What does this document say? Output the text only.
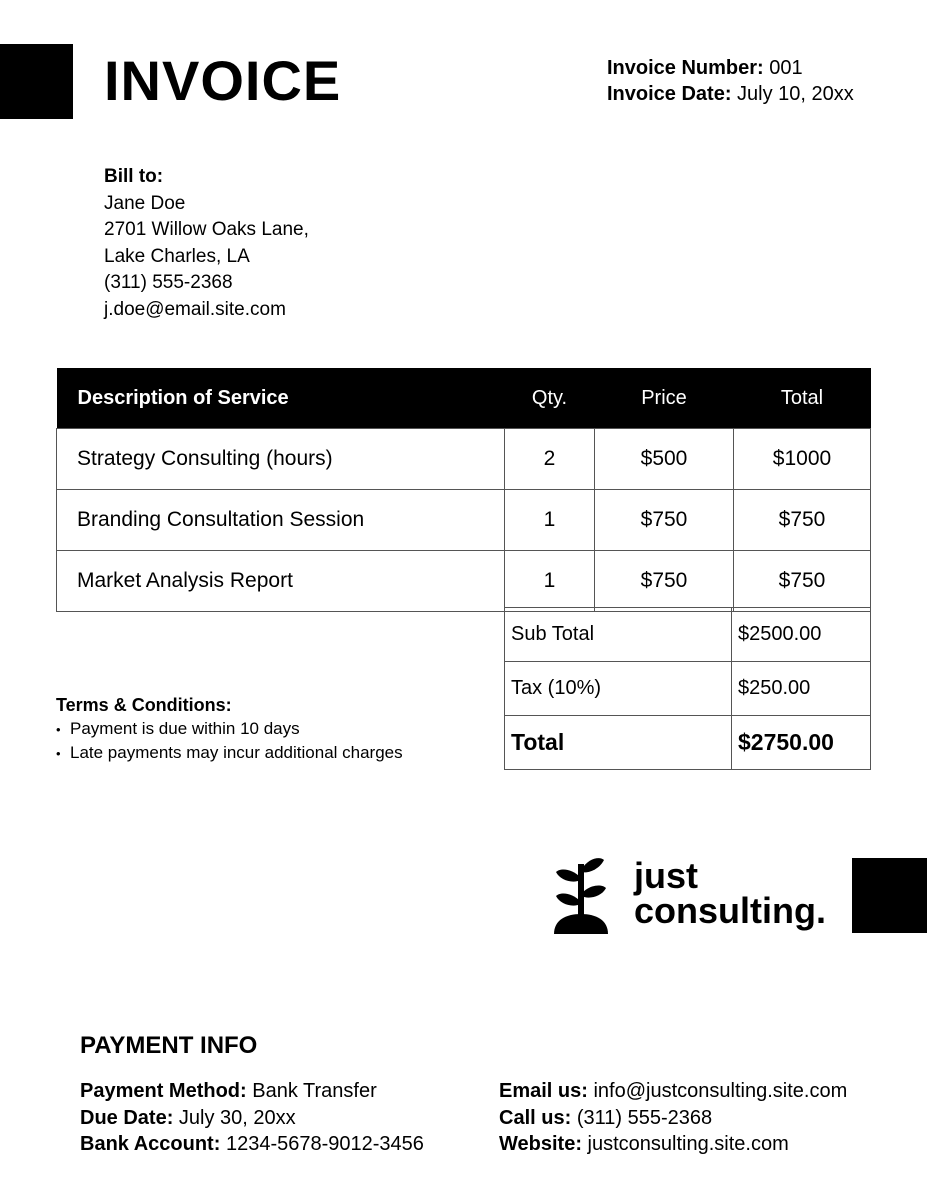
INVOICE	Invoice Number: 001
Invoice Date: July 10, 20xx
Bill to:
Jane Doe
2701 Willow Oaks Lane,
Lake Charles, LA
(311) 555-2368
j.doe@email.site.com
Description of Service	Qty.	Price	Total
Strategy Consulting (hours)	2	$500	$1000
Branding Consultation Session	1	$750	$750
Market Analysis Report	1	$750	$750
Sub Total	$2500.00
Tax (10%)	$250.00
Total	$2750.00
Terms & Conditions:
• Payment is due within 10 days
• Late payments may incur additional charges
just
consulting.
PAYMENT INFO
Payment Method: Bank Transfer
Due Date: July 30, 20xx
Bank Account: 1234-5678-9012-3456
Email us: info@justconsulting.site.com
Call us: (311) 555-2368
Website: justconsulting.site.com
